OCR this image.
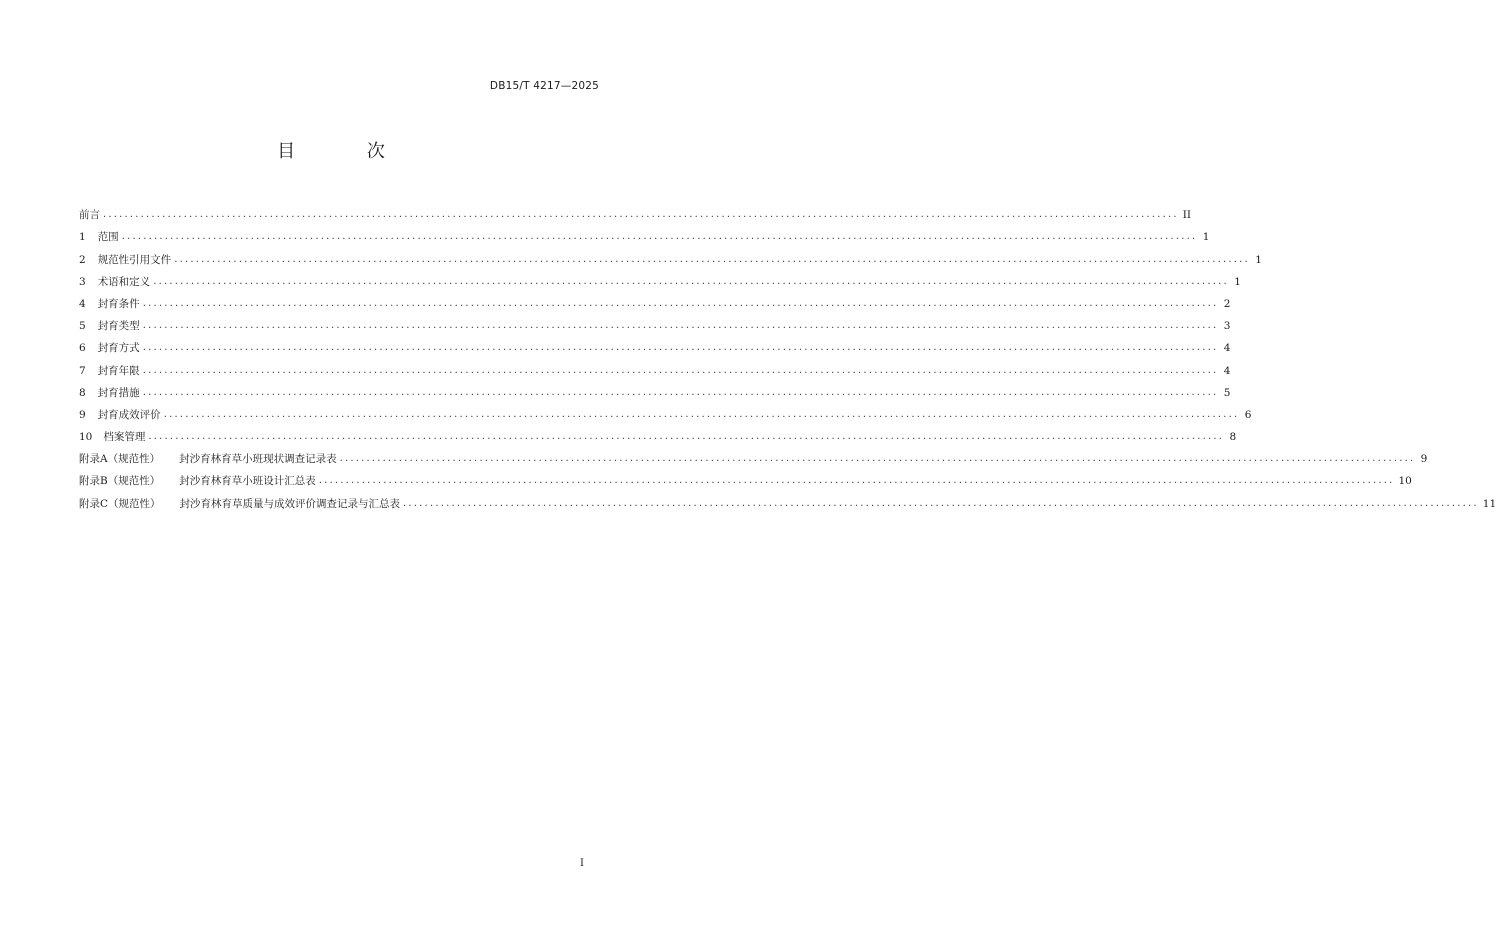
DB15/T 4217—2025
目 次
前言 ........................................................................................................................................................................................................ II
1 范围 ........................................................................................................................................................................................................ 1
2 规范性引用文件 ........................................................................................................................................................................................................ 1
3 术语和定义 ........................................................................................................................................................................................................ 1
4 封育条件 ........................................................................................................................................................................................................ 2
5 封育类型 ........................................................................................................................................................................................................ 3
6 封育方式 ........................................................................................................................................................................................................ 4
7 封育年限 ........................................................................................................................................................................................................ 4
8 封育措施 ........................................................................................................................................................................................................ 5
9 封育成效评价 ........................................................................................................................................................................................................ 6
10 档案管理 ........................................................................................................................................................................................................ 8
附录A（规范性） 封沙育林育草小班现状调查记录表 ........................................................................................................................................................................................................ 9
附录B（规范性） 封沙育林育草小班设计汇总表 ........................................................................................................................................................................................................ 10
附录C（规范性） 封沙育林育草质量与成效评价调查记录与汇总表 ........................................................................................................................................................................................................ 11
I
